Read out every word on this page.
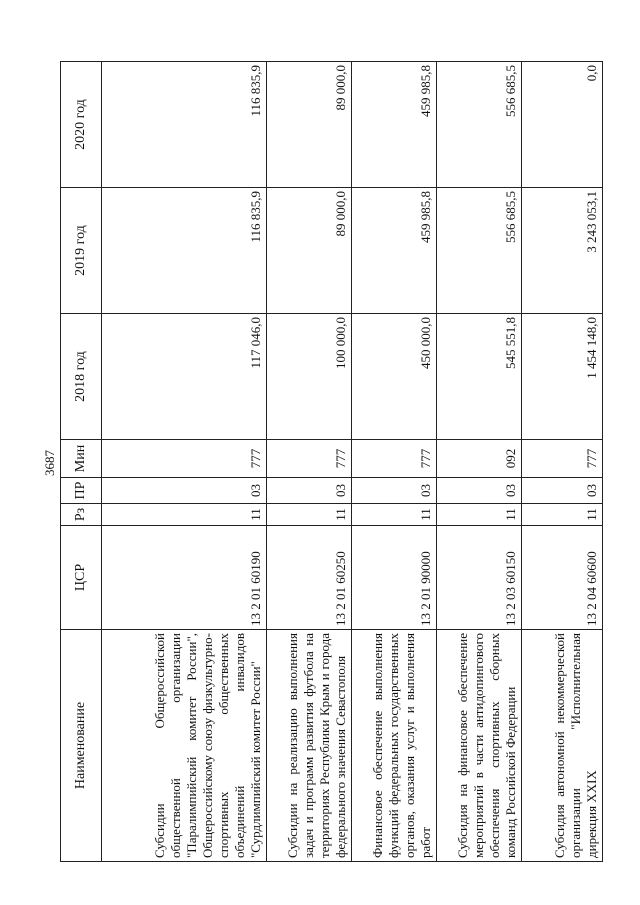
3687
Наименование	ЦСР	Рз	ПР	Мин	2018 год	2019 год	2020 год
Субсидии Общероссийской общественной организации "Паралимпийский комитет России", Общероссийскому союзу физкультурно-спортивных общественных объединений инвалидов "Сурдлимпийский комитет России"	13 2 01 60190	11	03	777	117 046,0	116 835,9	116 835,9
Субсидии на реализацию выполнения задач и программ развития футбола на территориях Республики Крым и города федерального значения Севастополя	13 2 01 60250	11	03	777	100 000,0	89 000,0	89 000,0
Финансовое обеспечение выполнения функций федеральных государственных органов, оказания услуг и выполнения работ	13 2 01 90000	11	03	777	450 000,0	459 985,8	459 985,8
Субсидия на финансовое обеспечение мероприятий в части антидопингового обеспечения спортивных сборных команд Российской Федерации	13 2 03 60150	11	03	092	545 551,8	556 685,5	556 685,5
Субсидия автономной некоммерческой организации "Исполнительная дирекция XXIX	13 2 04 60600	11	03	777	1 454 148,0	3 243 053,1	0,0
